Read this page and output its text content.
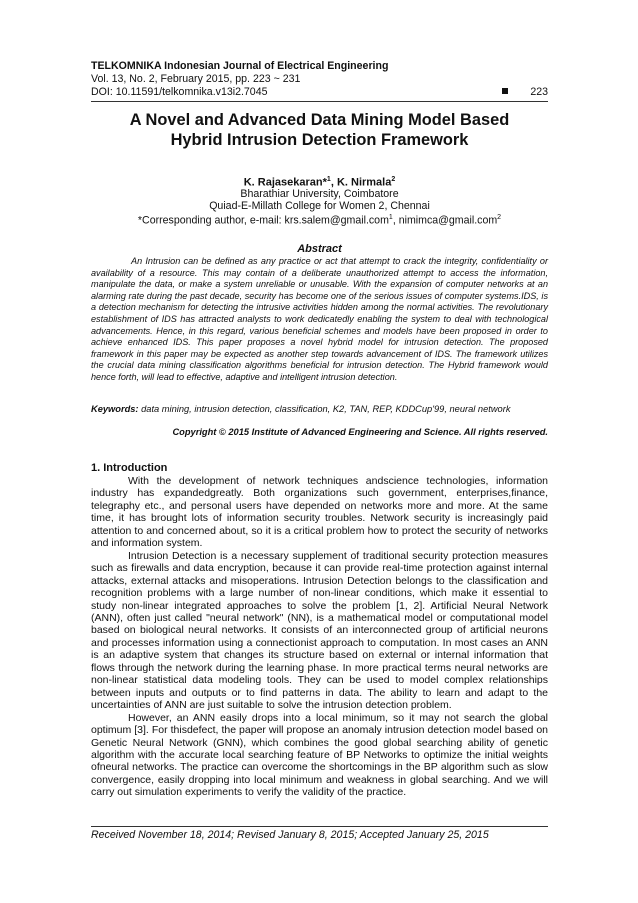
TELKOMNIKA Indonesian Journal of Electrical Engineering
Vol. 13, No. 2, February 2015, pp. 223 ~ 231
DOI: 10.11591/telkomnika.v13i2.7045	223
A Novel and Advanced Data Mining Model Based
Hybrid Intrusion Detection Framework
K. Rajasekaran*$^1$, K. Nirmala$^2$
Bharathiar University, Coimbatore
Quiad-E-Millath College for Women 2, Chennai
*Corresponding author, e-mail: krs.salem@gmail.com$^1$, nimimca@gmail.com$^2$
Abstract
An Intrusion can be defined as any practice or act that attempt to crack the integrity, confidentiality or availability of a resource. This may contain of a deliberate unauthorized attempt to access the information, manipulate the data, or make a system unreliable or unusable. With the expansion of computer networks at an alarming rate during the past decade, security has become one of the serious issues of computer systems.IDS, is a detection mechanism for detecting the intrusive activities hidden among the normal activities. The revolutionary establishment of IDS has attracted analysts to work dedicatedly enabling the system to deal with technological advancements. Hence, in this regard, various beneficial schemes and models have been proposed in order to achieve enhanced IDS. This paper proposes a novel hybrid model for intrusion detection. The proposed framework in this paper may be expected as another step towards advancement of IDS. The framework utilizes the crucial data mining classification algorithms beneficial for intrusion detection. The Hybrid framework would hence forth, will lead to effective, adaptive and intelligent intrusion detection.
Keywords: data mining, intrusion detection, classification, K2, TAN, REP, KDDCup'99, neural network
Copyright © 2015 Institute of Advanced Engineering and Science. All rights reserved.
1. Introduction

With the development of network techniques andscience technologies, information industry has expandedgreatly. Both organizations such government, enterprises,finance, telegraphy etc., and personal users have depended on networks more and more. At the same time, it has brought lots of information security troubles. Network security is increasingly paid attention to and concerned about, so it is a critical problem how to protect the security of networks and information system.

Intrusion Detection is a necessary supplement of traditional security protection measures such as firewalls and data encryption, because it can provide real-time protection against internal attacks, external attacks and misoperations. Intrusion Detection belongs to the classification and recognition problems with a large number of non-linear conditions, which make it essential to study non-linear integrated approaches to solve the problem [1, 2]. Artificial Neural Network (ANN), often just called "neural network" (NN), is a mathematical model or computational model based on biological neural networks. It consists of an interconnected group of artificial neurons and processes information using a connectionist approach to computation. In most cases an ANN is an adaptive system that changes its structure based on external or internal information that flows through the network during the learning phase. In more practical terms neural networks are non-linear statistical data modeling tools. They can be used to model complex relationships between inputs and outputs or to find patterns in data. The ability to learn and adapt to the uncertainties of ANN are just suitable to solve the intrusion detection problem.

However, an ANN easily drops into a local minimum, so it may not search the global optimum [3]. For thisdefect, the paper will propose an anomaly intrusion detection model based on Genetic Neural Network (GNN), which combines the good global searching ability of genetic algorithm with the accurate local searching feature of BP Networks to optimize the initial weights ofneural networks. The practice can overcome the shortcomings in the BP algorithm such as slow convergence, easily dropping into local minimum and weakness in global searching. And we will carry out simulation experiments to verify the validity of the practice.

Received November 18, 2014; Revised January 8, 2015; Accepted January 25, 2015
